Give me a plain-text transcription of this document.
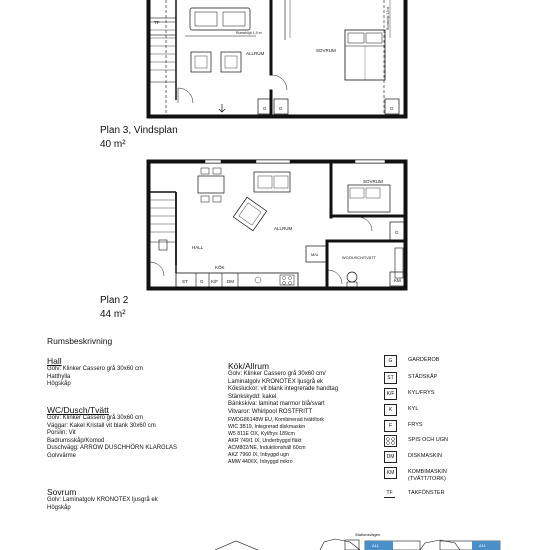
TF
ALLRUM
SOVRUM
G	G	G
Rumshöjd 1,9 m
Rumshöjd 1,9 m
Plan 3, Vindsplan
40 m²
SOVRUM
ALLRUM
HALL
KÖK
WC/DUSCH/TVÄTT
M/U
ST	G K/F DM
G
KM
Plan 2
44 m²
Rumsbeskrivning
Hall
Golv: Klinker Cassero grå 30x60 cm
Hatthylla
Högskåp
WC/Dusch/Tvätt
Golv: Klinker Cassero grå 30x60 cm
Väggar: Kakel Kristall vit blank 30x60 cm
Porslin: Vit
Badrumsskåp/Komod
Duschvägg: ARROW DUSCHHÖRN KLARGLAS
Golvvärme
Sovrum
Golv: Laminatgolv KRONOTEX ljusgrå ek
Högskåp
Kök/Allrum
Golv: Klinker Cassero grå 30x60 cm/
Laminatgolv KRONOTEX ljusgrå ek
Köksluckor: vit blank integrerade handtag
Stänkskydd: kakel
Bänkskiva: laminat marmor blå/svart
Vitvaror: Whirlpool ROSTFRITT
FWDG86148W EU, Kombinerad tvätt/tork
WIC 3B19, Integrerad diskmaskin
W5 811E OX, Kyl/frys 189cm
AKR 749/1 IX, Underbyggd fläkt
ACM802/NE, Induktionshäll 60cm
AKZ 7960 IX, Inbyggd ugn
AMW 440/IX, Inbyggd mikro
G	GARDEROB
ST	STÄDSKÅP
K/F	KYL/FRYS
K	KYL
F	FRYS
SPIS OCH UGN
DM	DISKMASKIN
KM	KOMBIMASKIN
(TVÄTT/TORK)
TF	TAKFÖNSTER
Stationsvägen
A11	A11
